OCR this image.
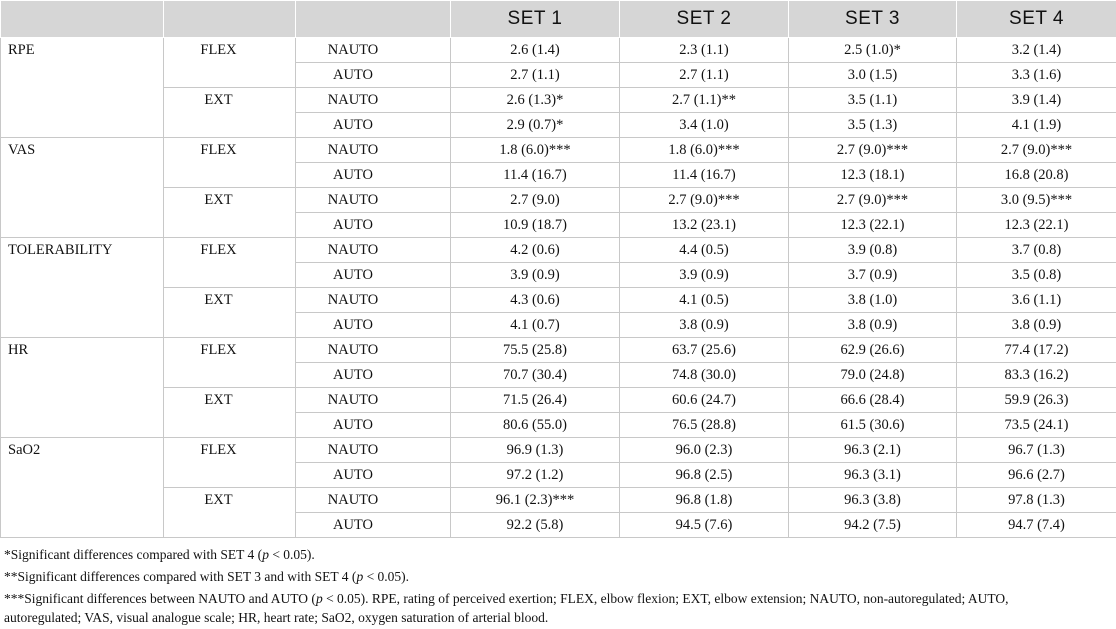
			SET 1	SET 2	SET 3	SET 4
RPE	FLEX	NAUTO	2.6 (1.4)	2.3 (1.1)	2.5 (1.0)*	3.2 (1.4)
		AUTO	2.7 (1.1)	2.7 (1.1)	3.0 (1.5)	3.3 (1.6)
	EXT	NAUTO	2.6 (1.3)*	2.7 (1.1)**	3.5 (1.1)	3.9 (1.4)
		AUTO	2.9 (0.7)*	3.4 (1.0)	3.5 (1.3)	4.1 (1.9)
VAS	FLEX	NAUTO	1.8 (6.0)***	1.8 (6.0)***	2.7 (9.0)***	2.7 (9.0)***
		AUTO	11.4 (16.7)	11.4 (16.7)	12.3 (18.1)	16.8 (20.8)
	EXT	NAUTO	2.7 (9.0)	2.7 (9.0)***	2.7 (9.0)***	3.0 (9.5)***
		AUTO	10.9 (18.7)	13.2 (23.1)	12.3 (22.1)	12.3 (22.1)
TOLERABILITY	FLEX	NAUTO	4.2 (0.6)	4.4 (0.5)	3.9 (0.8)	3.7 (0.8)
		AUTO	3.9 (0.9)	3.9 (0.9)	3.7 (0.9)	3.5 (0.8)
	EXT	NAUTO	4.3 (0.6)	4.1 (0.5)	3.8 (1.0)	3.6 (1.1)
		AUTO	4.1 (0.7)	3.8 (0.9)	3.8 (0.9)	3.8 (0.9)
HR	FLEX	NAUTO	75.5 (25.8)	63.7 (25.6)	62.9 (26.6)	77.4 (17.2)
		AUTO	70.7 (30.4)	74.8 (30.0)	79.0 (24.8)	83.3 (16.2)
	EXT	NAUTO	71.5 (26.4)	60.6 (24.7)	66.6 (28.4)	59.9 (26.3)
		AUTO	80.6 (55.0)	76.5 (28.8)	61.5 (30.6)	73.5 (24.1)
SaO2	FLEX	NAUTO	96.9 (1.3)	96.0 (2.3)	96.3 (2.1)	96.7 (1.3)
		AUTO	97.2 (1.2)	96.8 (2.5)	96.3 (3.1)	96.6 (2.7)
	EXT	NAUTO	96.1 (2.3)***	96.8 (1.8)	96.3 (3.8)	97.8 (1.3)
		AUTO	92.2 (5.8)	94.5 (7.6)	94.2 (7.5)	94.7 (7.4)
*Significant differences compared with SET 4 (p < 0.05).
**Significant differences compared with SET 3 and with SET 4 (p < 0.05).
***Significant differences between NAUTO and AUTO (p < 0.05). RPE, rating of perceived exertion; FLEX, elbow flexion; EXT, elbow extension; NAUTO, non-autoregulated; AUTO,
autoregulated; VAS, visual analogue scale; HR, heart rate; SaO2, oxygen saturation of arterial blood.
